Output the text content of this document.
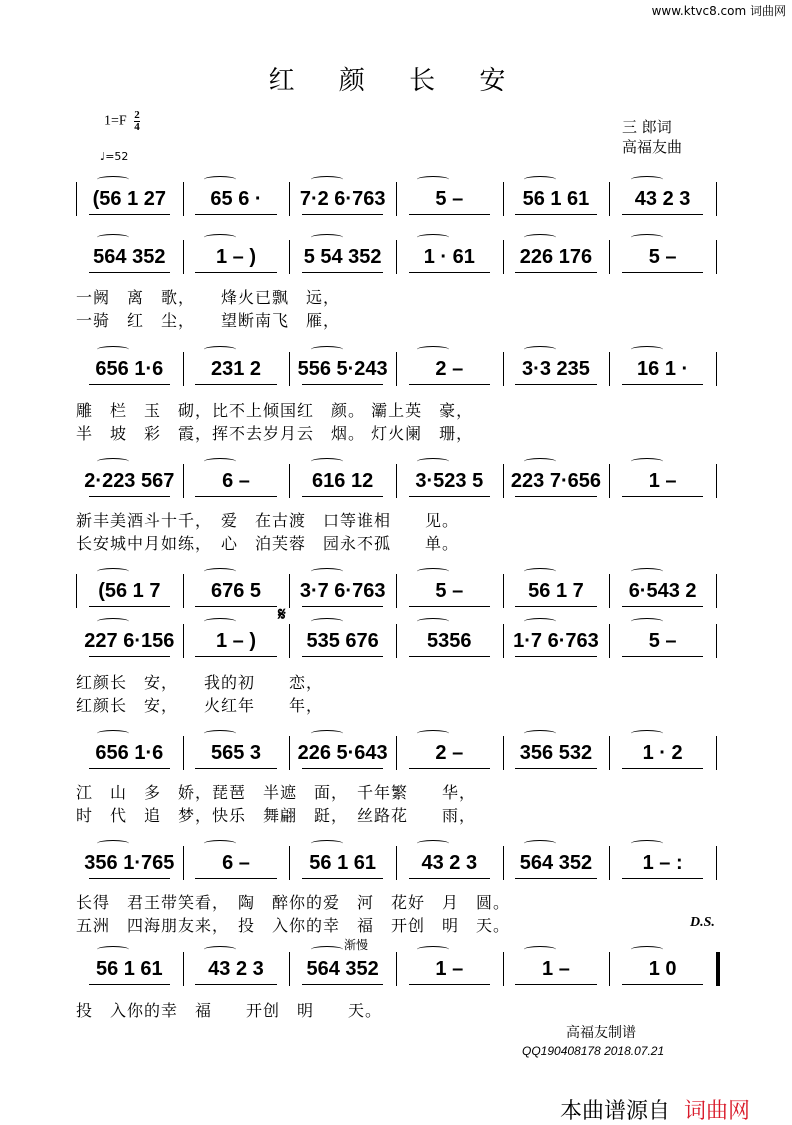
www.ktvc8.com 词曲网
红 颜 长 安
$1=F \frac{2}{4}$
♩=52
三 郎词
高福友曲
(56 1 27	65 6 ·	7·2 6·763	5 –	56 1 61	43 2 3
564 352	1 – )	5 54 352	1 · 61	226 176	5 –
一阙　离　歌，　　烽火已飘　远，
一骑　红　尘，　　望断南飞　雁，
656 1·6	231 2	556 5·243	2 –	3·3 235	16 1 ·
雕　栏　玉　砌，比不上倾国红　颜。 灞上英　豪，
半　坡　彩　霞，挥不去岁月云　烟。 灯火阑　珊，
2·223 567	6 –	616 12	3·523 5	223 7·656	1 –
新丰美酒斗十千，　爱　在古渡　口等谁相　　见。
长安城中月如练，　心　泊芙蓉　园永不孤　　单。
(56 1 7	676 5	3·7 6·763	5 –	56 1 7	6·543 2
𝄋
227 6·156	1 – )	535 676	5356	1·7 6·763	5 –
红颜长　安，　　我的初　　恋，
红颜长　安，　　火红年　　年，
656 1·6	565 3	226 5·643	2 –	356 532	1 · 2
江　山　多　娇，琵琶　半遮　面，　千年繁　　华，
时　代　追　梦，快乐　舞翩　跹，　丝路花　　雨，
356 1·765	6 –	56 1 61	43 2 3	564 352	1 – :
长得　君王带笑看，　陶　醉你的爱　河　花好　月　圆。
五洲　四海朋友来，　投　入你的幸　福　开创　明　天。	D.S.
渐慢
56 1 61	43 2 3	564 352	1 –	1 –	1 0
投　入你的幸　福　　开创　明　　天。
高福友制谱
QQ190408178 2018.07.21
本曲谱源自 词曲网
